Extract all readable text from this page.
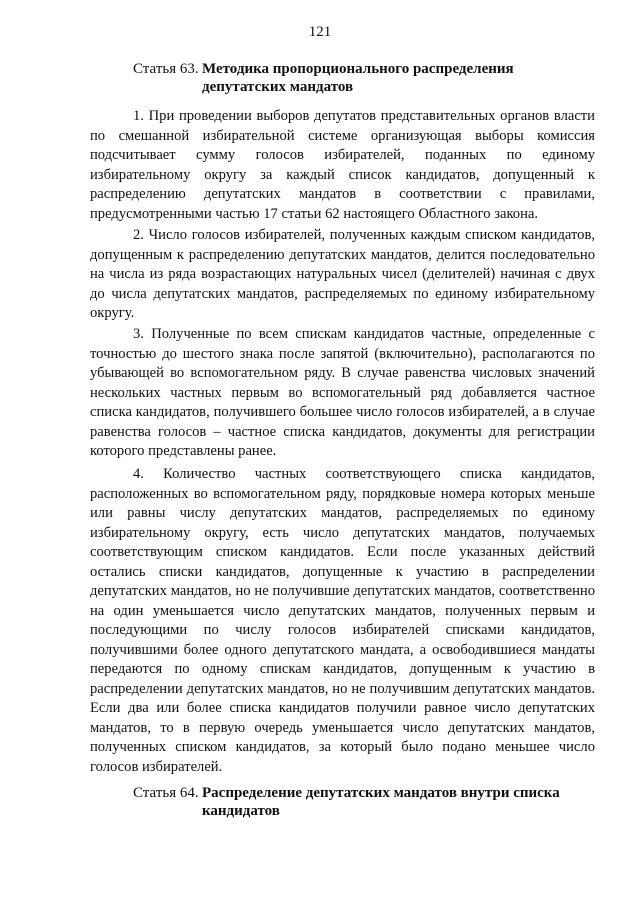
121
Статья 63. Методика пропорционального распределения
депутатских мандатов

1. При проведении выборов депутатов представительных органов власти по смешанной избирательной системе организующая выборы комиссия подсчитывает сумму голосов избирателей, поданных по единому избирательному округу за каждый список кандидатов, допущенный к распределению депутатских мандатов в соответствии с правилами, предусмотренными частью 17 статьи 62 настоящего Областного закона.

2. Число голосов избирателей, полученных каждым списком кандидатов, допущенным к распределению депутатских мандатов, делится последовательно на числа из ряда возрастающих натуральных чисел (делителей) начиная с двух до числа депутатских мандатов, распределяемых по единому избирательному округу.

3. Полученные по всем спискам кандидатов частные, определенные с точностью до шестого знака после запятой (включительно), располагаются по убывающей во вспомогательном ряду. В случае равенства числовых значений нескольких частных первым во вспомогательный ряд добавляется частное списка кандидатов, получившего большее число голосов избирателей, а в случае равенства голосов – частное списка кандидатов, документы для регистрации которого представлены ранее.

4. Количество частных соответствующего списка кандидатов, расположенных во вспомогательном ряду, порядковые номера которых меньше или равны числу депутатских мандатов, распределяемых по единому избирательному округу, есть число депутатских мандатов, получаемых соответствующим списком кандидатов. Если после указанных действий остались списки кандидатов, допущенные к участию в распределении депутатских мандатов, но не получившие депутатских мандатов, соответственно на один уменьшается число депутатских мандатов, полученных первым и последующими по числу голосов избирателей списками кандидатов, получившими более одного депутатского мандата, а освободившиеся мандаты передаются по одному спискам кандидатов, допущенным к участию в распределении депутатских мандатов, но не получившим депутатских мандатов. Если два или более списка кандидатов получили равное число депутатских мандатов, то в первую очередь уменьшается число депутатских мандатов, полученных списком кандидатов, за который было подано меньшее число голосов избирателей.

Статья 64. Распределение депутатских мандатов внутри списка
кандидатов
